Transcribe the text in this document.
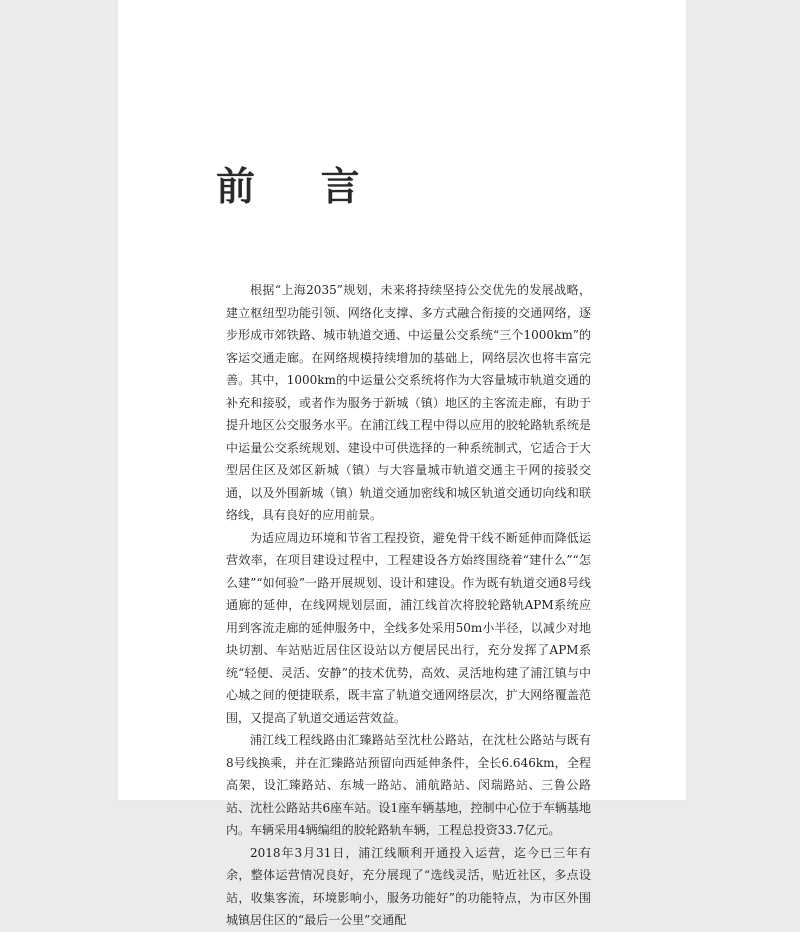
前 言

根据“上海2035”规划，未来将持续坚持公交优先的发展战略，建立枢纽型功能引领、网络化支撑、多方式融合衔接的交通网络，逐步形成市郊铁路、城市轨道交通、中运量公交系统“三个1000km”的客运交通走廊。在网络规模持续增加的基础上，网络层次也将丰富完善。其中，1000km的中运量公交系统将作为大容量城市轨道交通的补充和接驳，或者作为服务于新城（镇）地区的主客流走廊，有助于提升地区公交服务水平。在浦江线工程中得以应用的胶轮路轨系统是中运量公交系统规划、建设中可供选择的一种系统制式，它适合于大型居住区及郊区新城（镇）与大容量城市轨道交通主干网的接驳交通，以及外围新城（镇）轨道交通加密线和城区轨道交通切向线和联络线，具有良好的应用前景。

为适应周边环境和节省工程投资，避免骨干线不断延伸而降低运营效率，在项目建设过程中，工程建设各方始终围绕着“建什么”“怎么建”“如何验”一路开展规划、设计和建设。作为既有轨道交通8号线通廊的延伸，在线网规划层面，浦江线首次将胶轮路轨APM系统应用到客流走廊的延伸服务中，全线多处采用50m小半径，以减少对地块切割、车站贴近居住区设站以方便居民出行，充分发挥了APM系统“轻便、灵活、安静”的技术优势，高效、灵活地构建了浦江镇与中心城之间的便捷联系，既丰富了轨道交通网络层次，扩大网络覆盖范围，又提高了轨道交通运营效益。

浦江线工程线路由汇臻路站至沈杜公路站，在沈杜公路站与既有8号线换乘，并在汇臻路站预留向西延伸条件，全长6.646km，全程高架，设汇臻路站、东城一路站、浦航路站、闵瑞路站、三鲁公路站、沈杜公路站共6座车站。设1座车辆基地，控制中心位于车辆基地内。车辆采用4辆编组的胶轮路轨车辆，工程总投资33.7亿元。

2018年3月31日，浦江线顺利开通投入运营，迄今已三年有余，整体运营情况良好，充分展现了“选线灵活，贴近社区，多点设站，收集客流，环境影响小，服务功能好”的功能特点，为市区外围城镇居住区的“最后一公里”交通配
